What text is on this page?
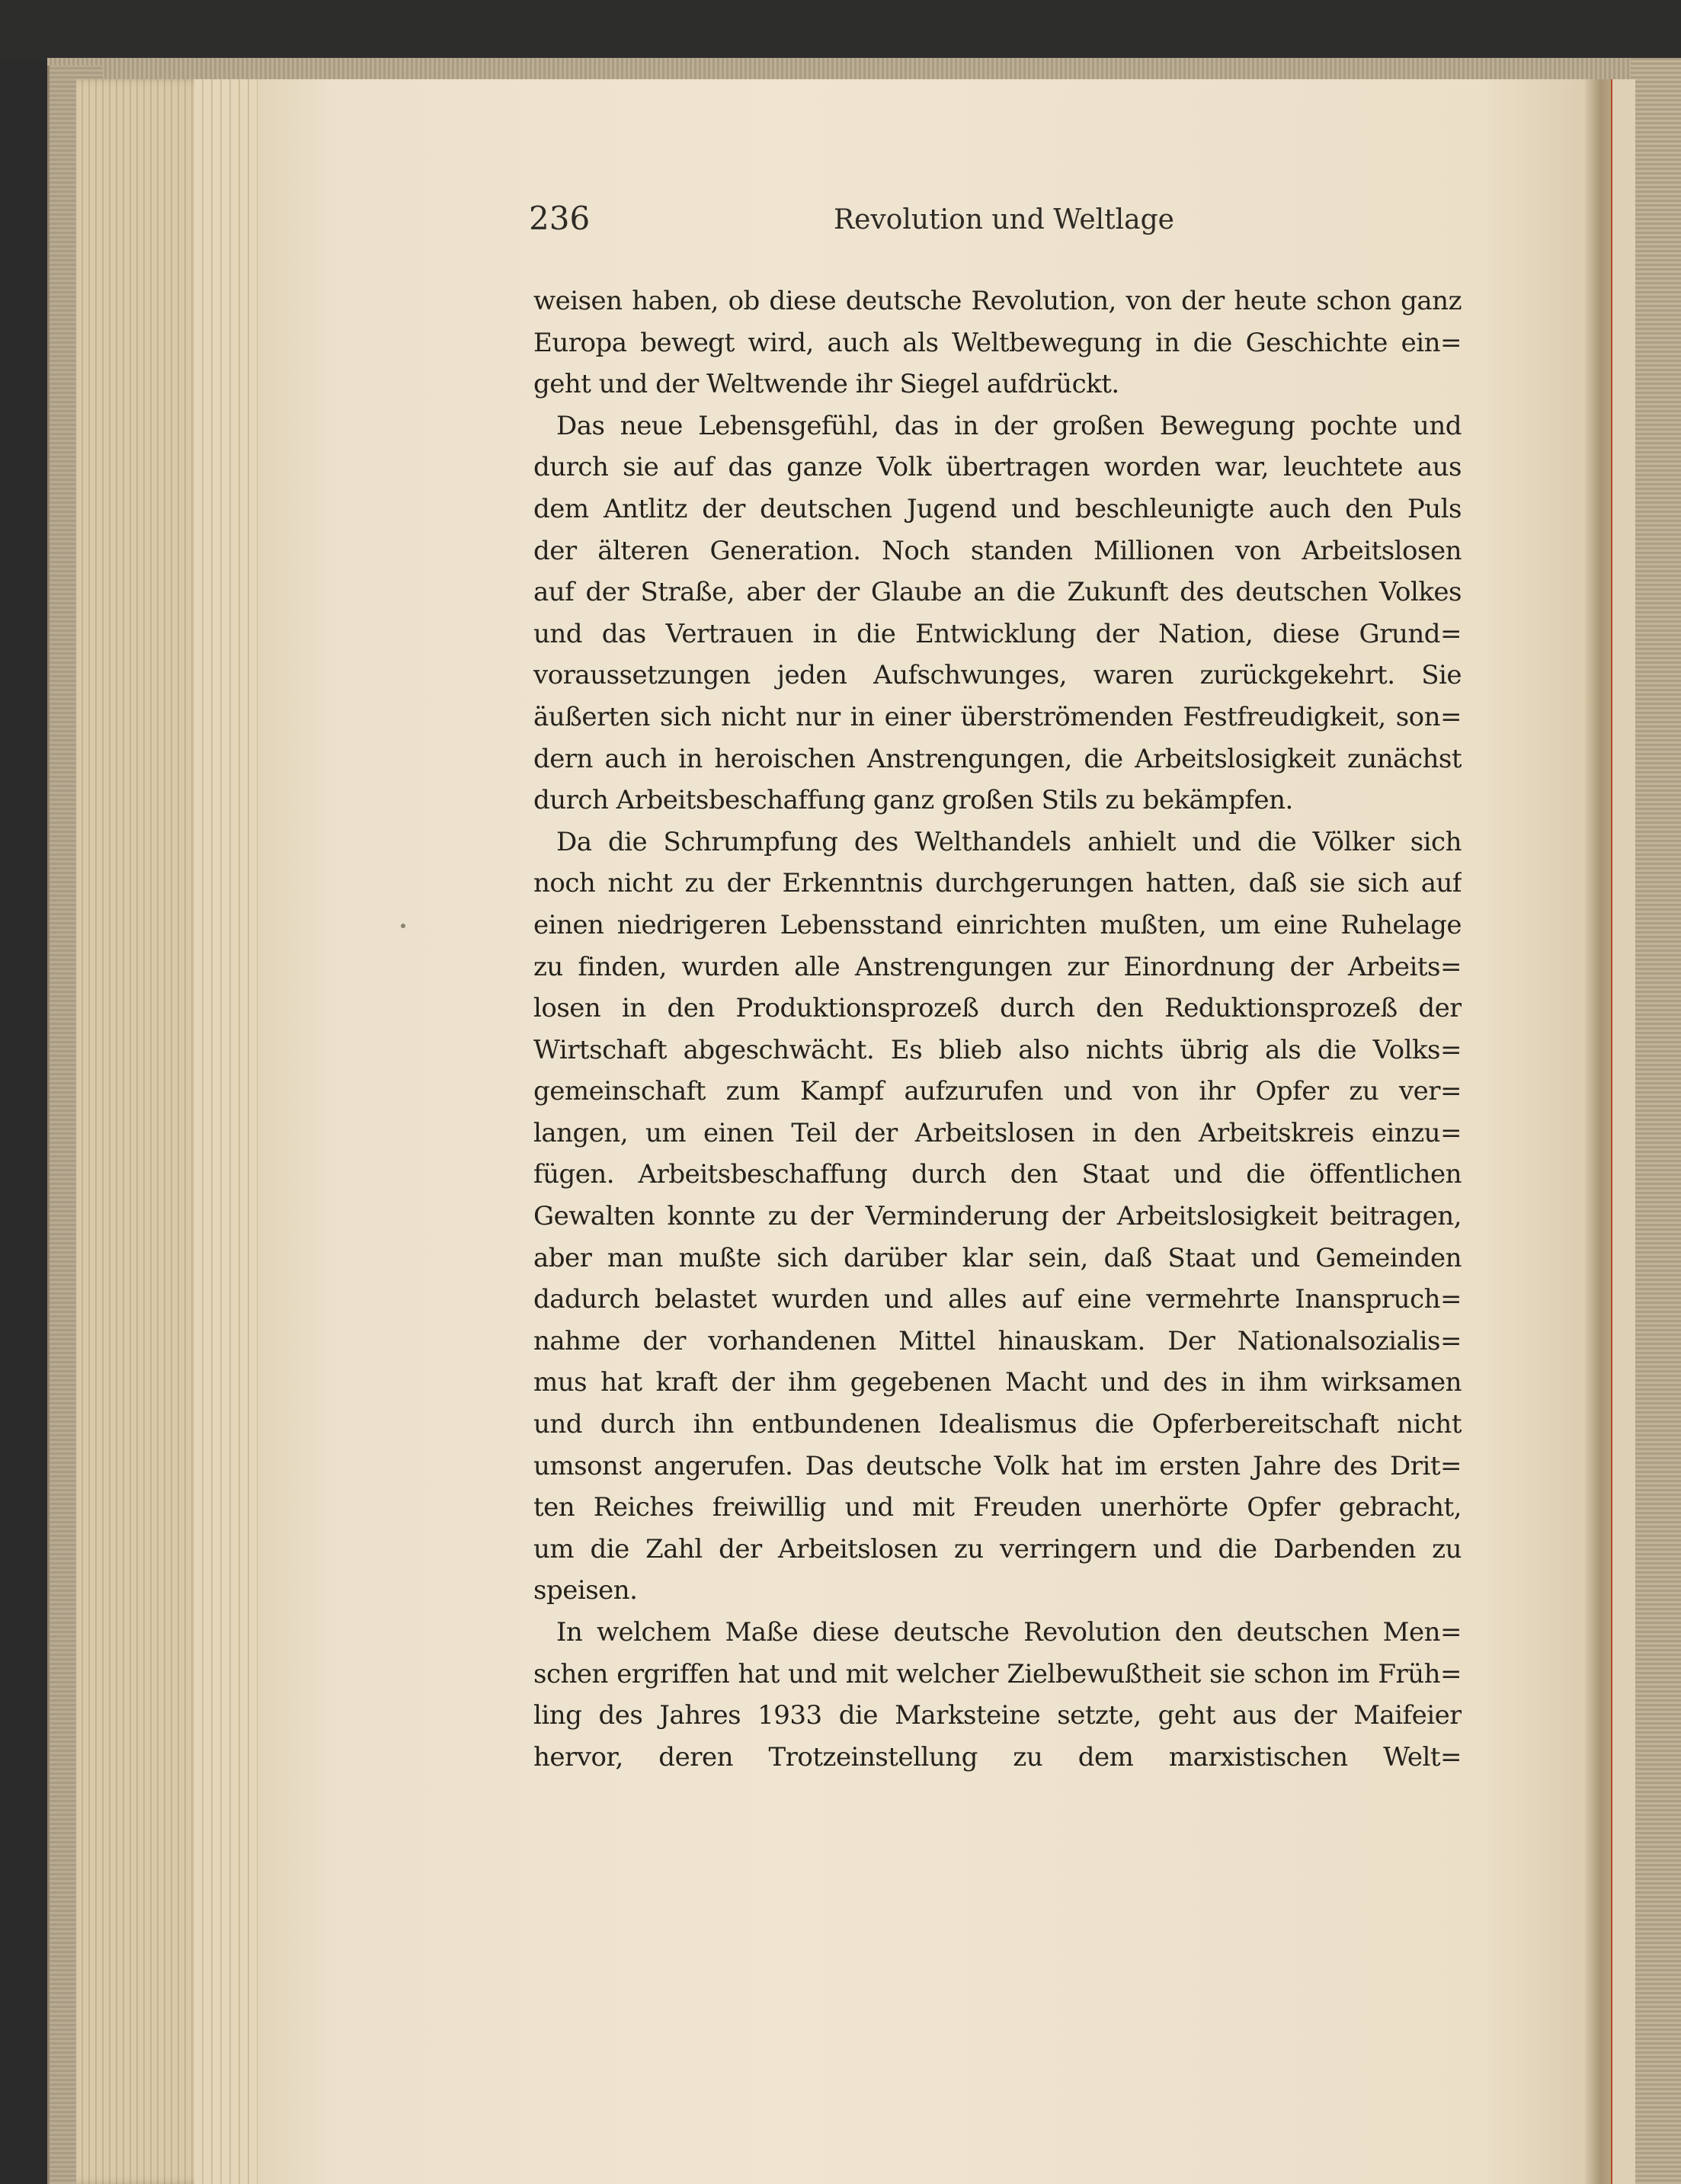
236	Revolution und Weltlage

weisen haben, ob diese deutsche Revolution, von der heute schon ganz
Europa bewegt wird, auch als Weltbewegung in die Geschichte ein=
geht und der Weltwende ihr Siegel aufdrückt.
Das neue Lebensgefühl, das in der großen Bewegung pochte und
durch sie auf das ganze Volk übertragen worden war, leuchtete aus
dem Antlitz der deutschen Jugend und beschleunigte auch den Puls
der älteren Generation. Noch standen Millionen von Arbeitslosen
auf der Straße, aber der Glaube an die Zukunft des deutschen Volkes
und das Vertrauen in die Entwicklung der Nation, diese Grund=
voraussetzungen jeden Aufschwunges, waren zurückgekehrt. Sie
äußerten sich nicht nur in einer überströmenden Festfreudigkeit, son=
dern auch in heroischen Anstrengungen, die Arbeitslosigkeit zunächst
durch Arbeitsbeschaffung ganz großen Stils zu bekämpfen.
Da die Schrumpfung des Welthandels anhielt und die Völker sich
noch nicht zu der Erkenntnis durchgerungen hatten, daß sie sich auf
einen niedrigeren Lebensstand einrichten mußten, um eine Ruhelage
zu finden, wurden alle Anstrengungen zur Einordnung der Arbeits=
losen in den Produktionsprozeß durch den Reduktionsprozeß der
Wirtschaft abgeschwächt. Es blieb also nichts übrig als die Volks=
gemeinschaft zum Kampf aufzurufen und von ihr Opfer zu ver=
langen, um einen Teil der Arbeitslosen in den Arbeitskreis einzu=
fügen. Arbeitsbeschaffung durch den Staat und die öffentlichen
Gewalten konnte zu der Verminderung der Arbeitslosigkeit beitragen,
aber man mußte sich darüber klar sein, daß Staat und Gemeinden
dadurch belastet wurden und alles auf eine vermehrte Inanspruch=
nahme der vorhandenen Mittel hinauskam. Der Nationalsozialis=
mus hat kraft der ihm gegebenen Macht und des in ihm wirksamen
und durch ihn entbundenen Idealismus die Opferbereitschaft nicht
umsonst angerufen. Das deutsche Volk hat im ersten Jahre des Drit=
ten Reiches freiwillig und mit Freuden unerhörte Opfer gebracht,
um die Zahl der Arbeitslosen zu verringern und die Darbenden zu
speisen.
In welchem Maße diese deutsche Revolution den deutschen Men=
schen ergriffen hat und mit welcher Zielbewußtheit sie schon im Früh=
ling des Jahres 1933 die Marksteine setzte, geht aus der Maifeier
hervor, deren Trotzeinstellung zu dem marxistischen Welt=
